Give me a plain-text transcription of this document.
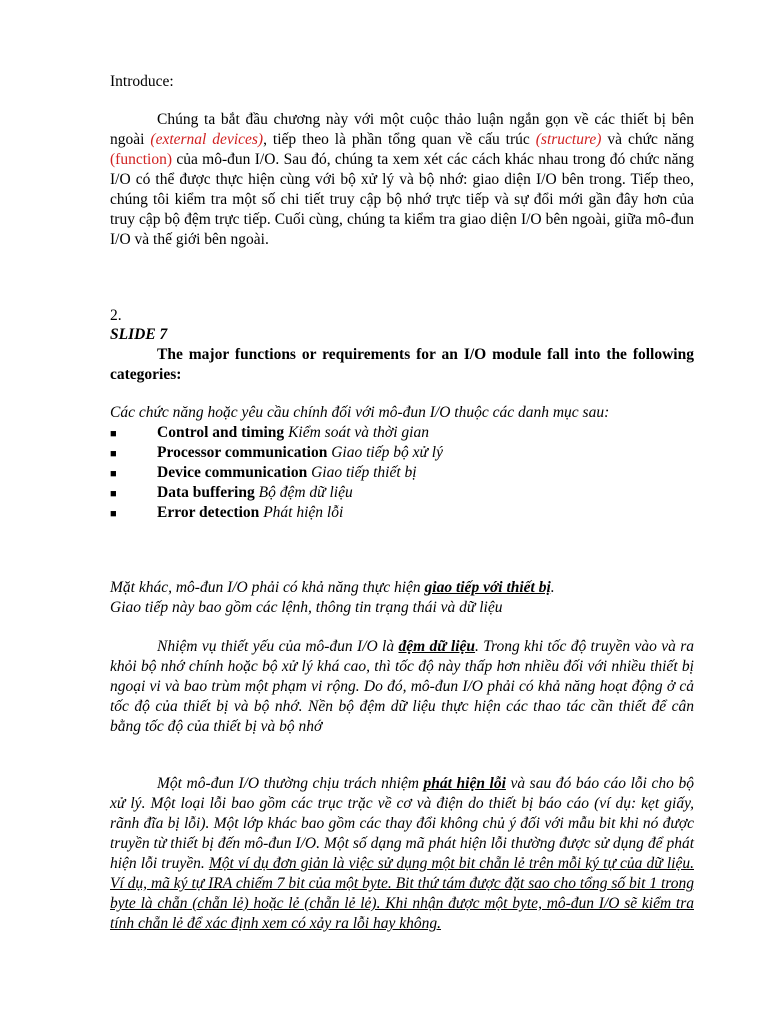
Introduce:
Chúng ta bắt đầu chương này với một cuộc thảo luận ngắn gọn về các thiết bị bên ngoài (external devices), tiếp theo là phần tổng quan về cấu trúc (structure) và chức năng (function) của mô-đun I/O. Sau đó, chúng ta xem xét các cách khác nhau trong đó chức năng I/O có thể được thực hiện cùng với bộ xử lý và bộ nhớ: giao diện I/O bên trong. Tiếp theo, chúng tôi kiểm tra một số chi tiết truy cập bộ nhớ trực tiếp và sự đổi mới gần đây hơn của truy cập bộ đệm trực tiếp. Cuối cùng, chúng ta kiểm tra giao diện I/O bên ngoài, giữa mô-đun I/O và thế giới bên ngoài.
2.
SLIDE 7
The major functions or requirements for an I/O module fall into the following categories:
Các chức năng hoặc yêu cầu chính đối với mô-đun I/O thuộc các danh mục sau:
■	Control and timing
Kiểm soát và thời gian
■	Processor communication
Giao tiếp bộ xử lý
■	Device communication
Giao tiếp thiết bị
■	Data buffering
Bộ đệm dữ liệu
■	Error detection
Phát hiện lỗi
Mặt khác, mô-đun I/O phải có khả năng thực hiện giao tiếp với thiết bị.
Giao tiếp này bao gồm các lệnh, thông tin trạng thái và dữ liệu
Nhiệm vụ thiết yếu của mô-đun I/O là đệm dữ liệu. Trong khi tốc độ truyền vào và ra khỏi bộ nhớ chính hoặc bộ xử lý khá cao, thì tốc độ này thấp hơn nhiều đối với nhiều thiết bị ngoại vi và bao trùm một phạm vi rộng. Do đó, mô-đun I/O phải có khả năng hoạt động ở cả tốc độ của thiết bị và bộ nhớ. Nền bộ đệm dữ liệu thực hiện các thao tác cần thiết để cân bằng tốc độ của thiết bị và bộ nhớ
Một mô-đun I/O thường chịu trách nhiệm phát hiện lỗi và sau đó báo cáo lỗi cho bộ xử lý. Một loại lỗi bao gồm các trục trặc về cơ và điện do thiết bị báo cáo (ví dụ: kẹt giấy, rãnh đĩa bị lỗi). Một lớp khác bao gồm các thay đổi không chủ ý đối với mẫu bit khi nó được truyền từ thiết bị đến mô-đun I/O. Một số dạng mã phát hiện lỗi thường được sử dụng để phát hiện lỗi truyền. Một ví dụ đơn giản là việc sử dụng một bit chẵn lẻ trên mỗi ký tự của dữ liệu. Ví dụ, mã ký tự IRA chiếm 7 bit của một byte. Bit thứ tám được đặt sao cho tổng số bit 1 trong byte là chẵn (chẵn lẻ) hoặc lẻ (chẵn lẻ lẻ). Khi nhận được một byte, mô-đun I/O sẽ kiểm tra tính chẵn lẻ để xác định xem có xảy ra lỗi hay không.
